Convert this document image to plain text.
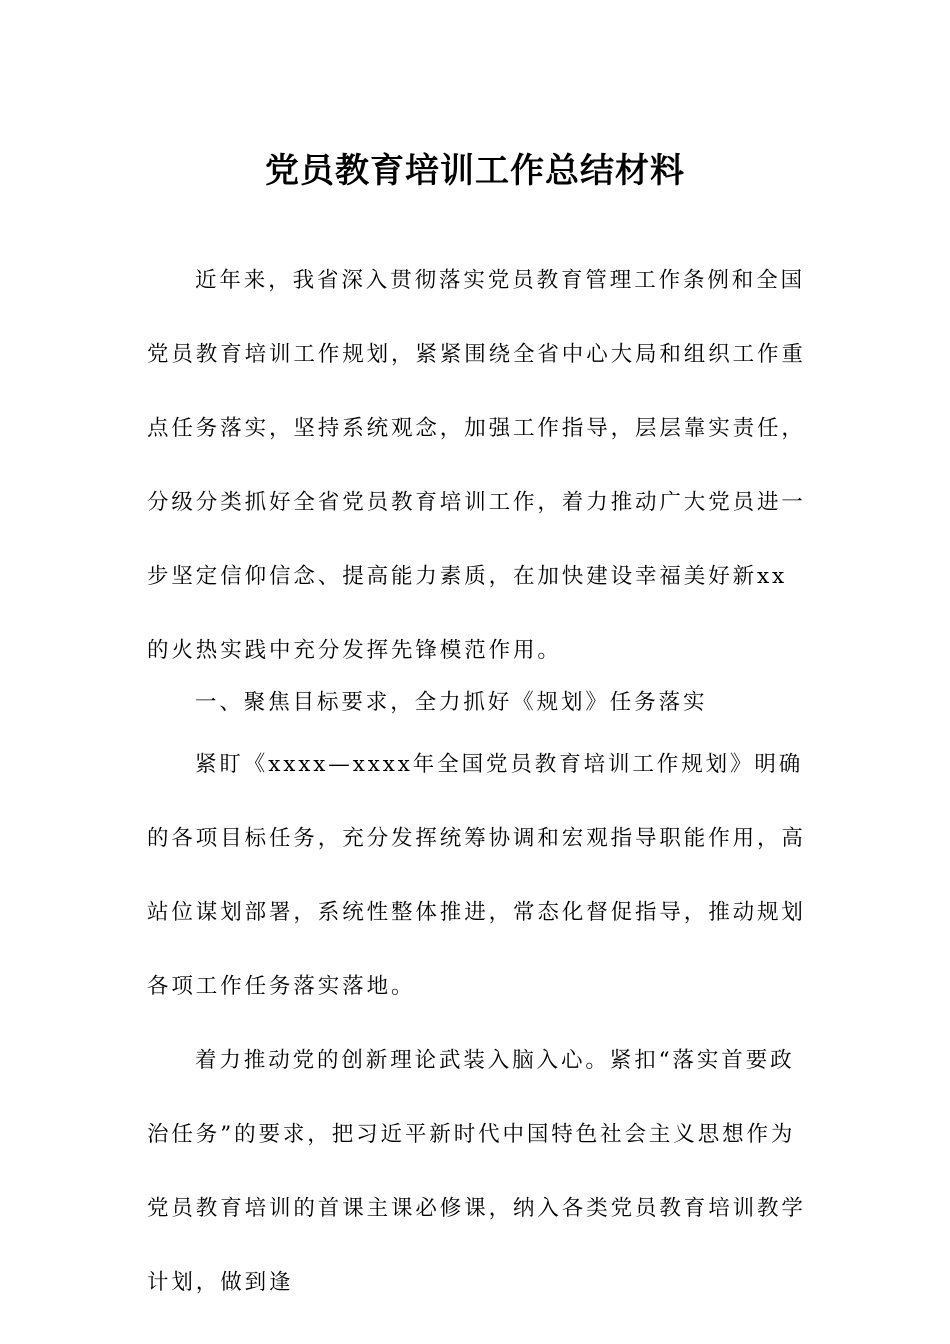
党员教育培训工作总结材料

近年来，我省深入贯彻落实党员教育管理工作条例和全国党员教育培训工作规划，紧紧围绕全省中心大局和组织工作重点任务落实，坚持系统观念，加强工作指导，层层靠实责任，分级分类抓好全省党员教育培训工作，着力推动广大党员进一步坚定信仰信念、提高能力素质，在加快建设幸福美好新xx的火热实践中充分发挥先锋模范作用。

一、聚焦目标要求，全力抓好《规划》任务落实

紧盯《xxxx—xxxx年全国党员教育培训工作规划》明确的各项目标任务，充分发挥统筹协调和宏观指导职能作用，高站位谋划部署，系统性整体推进，常态化督促指导，推动规划各项工作任务落实落地。

着力推动党的创新理论武装入脑入心。紧扣“落实首要政治任务”的要求，把习近平新时代中国特色社会主义思想作为党员教育培训的首课主课必修课，纳入各类党员教育培训教学计划，做到逢
